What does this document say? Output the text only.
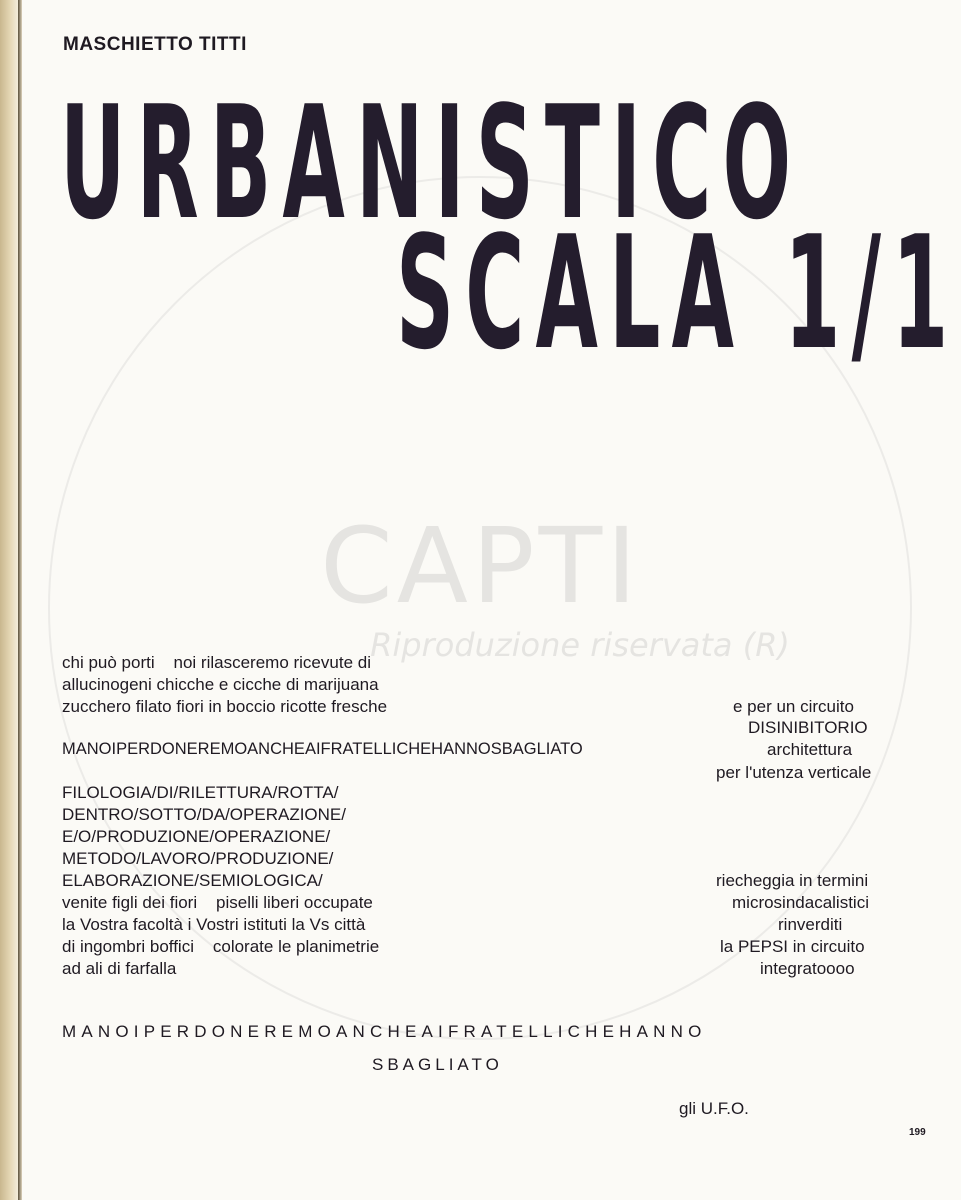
CAPTI
Riproduzione riservata (R)
MASCHIETTO TITTI
URBANISTICO
SCALA 1/1
chi può porti    noi rilasceremo ricevute di
allucinogeni chicche e cicche di marijuana
zucchero filato fiori in boccio ricotte fresche
MANOIPERDONEREMOANCHEAIFRATELLICHEHANNOSBAGLIATO
FILOLOGIA/DI/RILETTURA/ROTTA/
DENTRO/SOTTO/DA/OPERAZIONE/
E/O/PRODUZIONE/OPERAZIONE/
METODO/LAVORO/PRODUZIONE/
ELABORAZIONE/SEMIOLOGICA/
venite figli dei fiori    piselli liberi occupate
la Vostra facoltà i Vostri istituti la Vs città
di ingombri boffici    colorate le planimetrie
ad ali di farfalla
e per un circuito
DISINIBITORIO
architettura
per l'utenza verticale
riecheggia in termini
microsindacalistici
rinverditi
la PEPSI in circuito
integratoooo
MANOIPERDONEREMOANCHEAIFRATELLICHEHANNO
SBAGLIATO
gli U.F.O.
199
